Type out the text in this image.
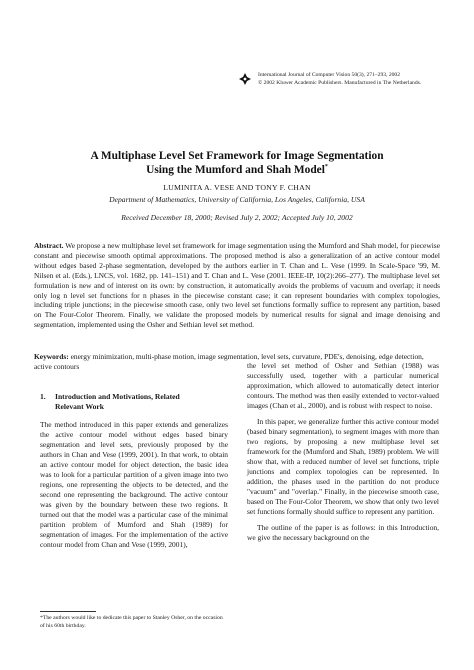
International Journal of Computer Vision 50(3), 271–293, 2002
© 2002 Kluwer Academic Publishers. Manufactured in The Netherlands.
A Multiphase Level Set Framework for Image Segmentation
Using the Mumford and Shah Model*
LUMINITA A. VESE AND TONY F. CHAN
Department of Mathematics, University of California, Los Angeles, California, USA
Received December 18, 2000; Revised July 2, 2002; Accepted July 10, 2002
Abstract. We propose a new multiphase level set framework for image segmentation using the Mumford and Shah model, for piecewise constant and piecewise smooth optimal approximations. The proposed method is also a generalization of an active contour model without edges based 2-phase segmentation, developed by the authors earlier in T. Chan and L. Vese (1999. In Scale-Space '99, M. Nilsen et al. (Eds.), LNCS, vol. 1682, pp. 141–151) and T. Chan and L. Vese (2001. IEEE-IP, 10(2):266–277). The multiphase level set formulation is new and of interest on its own: by construction, it automatically avoids the problems of vacuum and overlap; it needs only log n level set functions for n phases in the piecewise constant case; it can represent boundaries with complex topologies, including triple junctions; in the piecewise smooth case, only two level set functions formally suffice to represent any partition, based on The Four-Color Theorem. Finally, we validate the proposed models by numerical results for signal and image denoising and segmentation, implemented using the Osher and Sethian level set method.
Keywords: energy minimization, multi-phase motion, image segmentation, level sets, curvature, PDE's, denoising, edge detection, active contours
1. Introduction and Motivations, Related
Relevant Work

The method introduced in this paper extends and generalizes the active contour model without edges based binary segmentation and level sets, previously proposed by the authors in Chan and Vese (1999, 2001). In that work, to obtain an active contour model for object detection, the basic idea was to look for a particular partition of a given image into two regions, one representing the objects to be detected, and the second one representing the background. The active contour was given by the boundary between these two regions. It turned out that the model was a particular case of the minimal partition problem of Mumford and Shah (1989) for segmentation of images. For the implementation of the active contour model from Chan and Vese (1999, 2001),

*The authors would like to dedicate this paper to Stanley Osher, on the occasion of his 60th birthday.

the level set method of Osher and Sethian (1988) was successfully used, together with a particular numerical approximation, which allowed to automatically detect interior contours. The method was then easily extended to vector-valued images (Chan et al., 2000), and is robust with respect to noise.

In this paper, we generalize further this active contour model (based binary segmentation), to segment images with more than two regions, by proposing a new multiphase level set framework for the (Mumford and Shah, 1989) problem. We will show that, with a reduced number of level set functions, triple junctions and complex topologies can be represented. In addition, the phases used in the partition do not produce "vacuum" and "overlap." Finally, in the piecewise smooth case, based on The Four-Color Theorem, we show that only two level set functions formally should suffice to represent any partition.

The outline of the paper is as follows: in this Introduction, we give the necessary background on the
